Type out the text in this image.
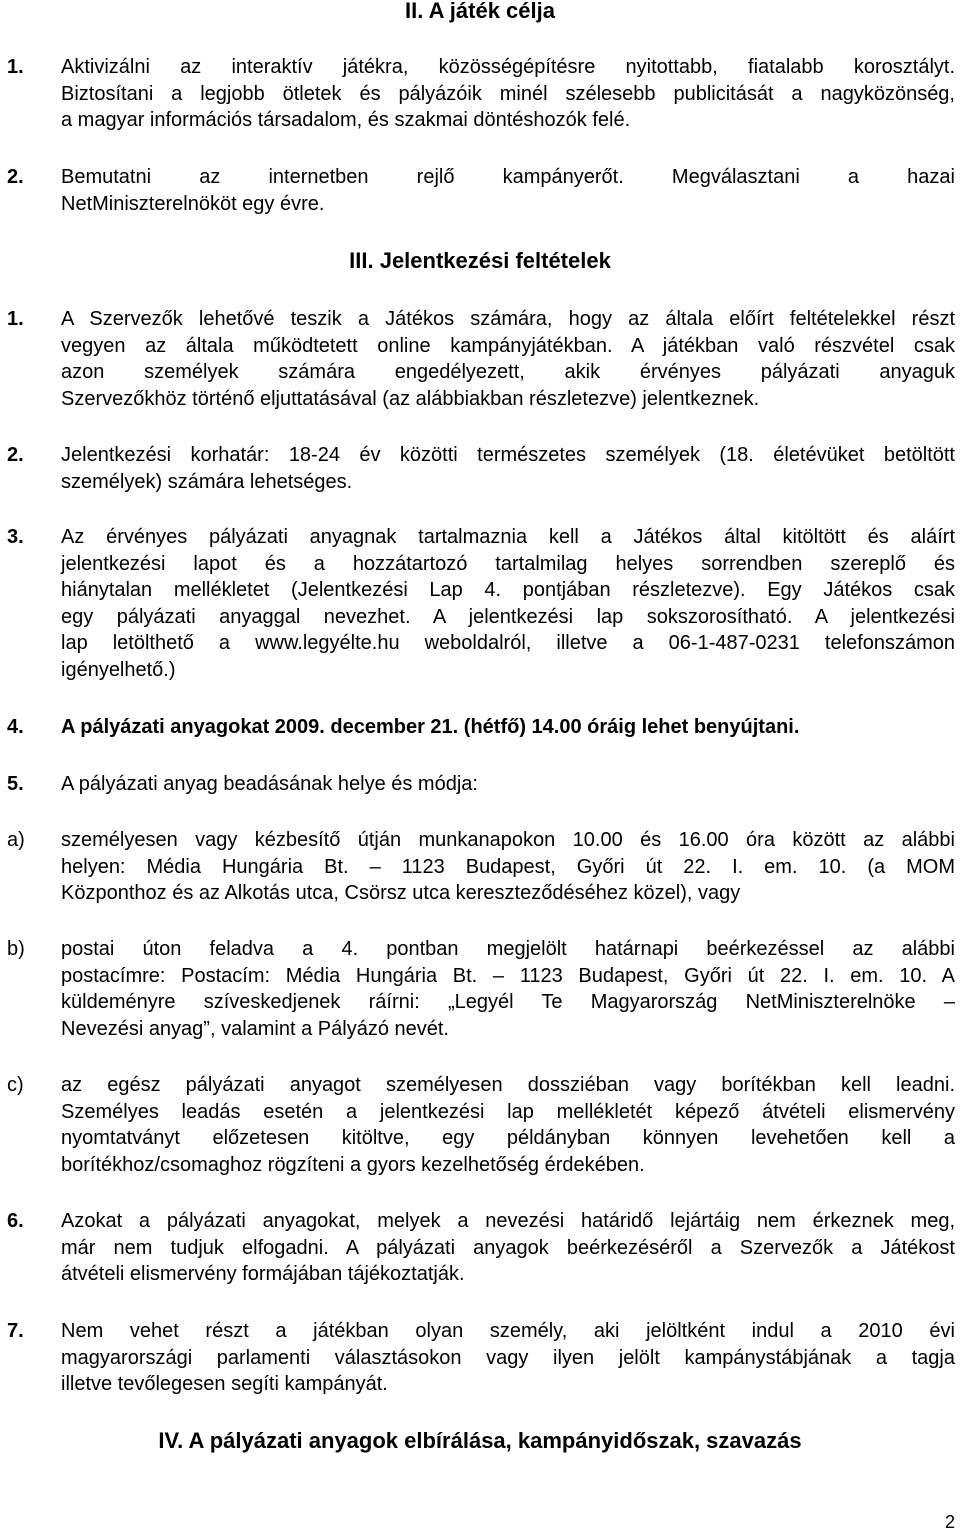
II. A játék célja
1. Aktivizálni az interaktív játékra, közösségépítésre nyitottabb, fiatalabb korosztályt.
Biztosítani a legjobb ötletek és pályázóik minél szélesebb publicitását a nagyközönség,
a magyar információs társadalom, és szakmai döntéshozók felé.
2. Bemutatni az internetben rejlő kampányerőt. Megválasztani a hazai
NetMiniszterelnököt egy évre.
III. Jelentkezési feltételek
1. A Szervezők lehetővé teszik a Játékos számára, hogy az általa előírt feltételekkel részt
vegyen az általa működtetett online kampányjátékban. A játékban való részvétel csak
azon személyek számára engedélyezett, akik érvényes pályázati anyaguk
Szervezőkhöz történő eljuttatásával (az alábbiakban részletezve) jelentkeznek.
2. Jelentkezési korhatár: 18-24 év közötti természetes személyek (18. életévüket betöltött
személyek) számára lehetséges.
3. Az érvényes pályázati anyagnak tartalmaznia kell a Játékos által kitöltött és aláírt
jelentkezési lapot és a hozzátartozó tartalmilag helyes sorrendben szereplő és
hiánytalan mellékletet (Jelentkezési Lap 4. pontjában részletezve). Egy Játékos csak
egy pályázati anyaggal nevezhet. A jelentkezési lap sokszorosítható. A jelentkezési
lap letölthető a www.legyélte.hu weboldalról, illetve a 06-1-487-0231 telefonszámon
igényelhető.)
4. A pályázati anyagokat 2009. december 21. (hétfő) 14.00 óráig lehet benyújtani.
5. A pályázati anyag beadásának helye és módja:
a) személyesen vagy kézbesítő útján munkanapokon 10.00 és 16.00 óra között az alábbi
helyen: Média Hungária Bt. – 1123 Budapest, Győri út 22. I. em. 10. (a MOM
Központhoz és az Alkotás utca, Csörsz utca kereszteződéséhez közel), vagy
b) postai úton feladva a 4. pontban megjelölt határnapi beérkezéssel az alábbi
postacímre: Postacím: Média Hungária Bt. – 1123 Budapest, Győri út 22. I. em. 10. A
küldeményre szíveskedjenek ráírni: „Legyél Te Magyarország NetMiniszterelnöke –
Nevezési anyag”, valamint a Pályázó nevét.
c) az egész pályázati anyagot személyesen dossziéban vagy borítékban kell leadni.
Személyes leadás esetén a jelentkezési lap mellékletét képező átvételi elismervény
nyomtatványt előzetesen kitöltve, egy példányban könnyen levehetően kell a
borítékhoz/csomaghoz rögzíteni a gyors kezelhetőség érdekében.
6. Azokat a pályázati anyagokat, melyek a nevezési határidő lejártáig nem érkeznek meg,
már nem tudjuk elfogadni. A pályázati anyagok beérkezéséről a Szervezők a Játékost
átvételi elismervény formájában tájékoztatják.
7. Nem vehet részt a játékban olyan személy, aki jelöltként indul a 2010 évi
magyarországi parlamenti választásokon vagy ilyen jelölt kampánystábjának a tagja
illetve tevőlegesen segíti kampányát.
IV. A pályázati anyagok elbírálása, kampányidőszak, szavazás
2
